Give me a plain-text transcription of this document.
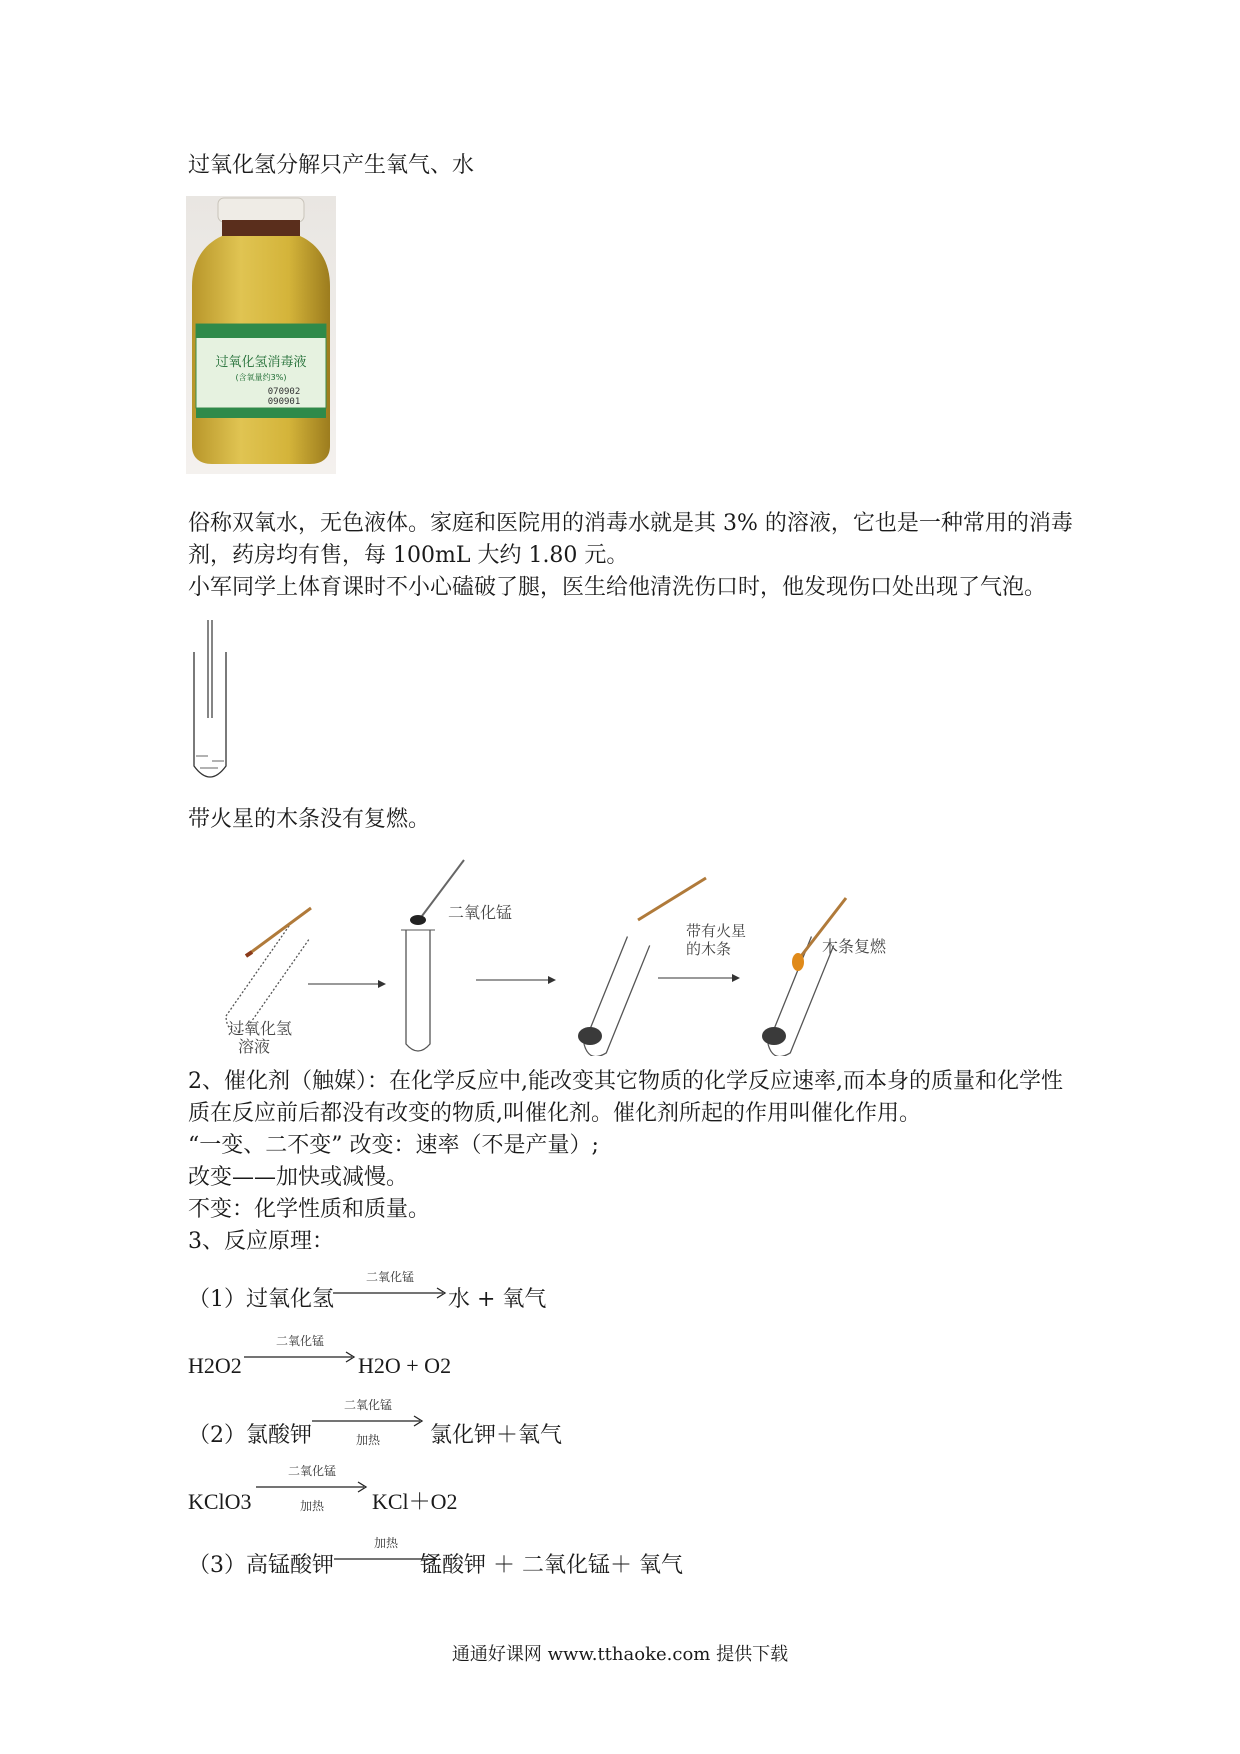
过氧化氢分解只产生氧气、水
过氧化氢消毒液
(含氧量约3%)
070902
090901
俗称双氧水，无色液体。家庭和医院用的消毒水就是其 3% 的溶液，它也是一种常用的消毒
剂，药房均有售，每 100mL 大约 1.80 元。
小军同学上体育课时不小心磕破了腿，医生给他清洗伤口时，他发现伤口处出现了气泡。
带火星的木条没有复燃。
过氧化氢
溶液
二氧化锰
带有火星
的木条	木条复燃
2、催化剂（触媒）：在化学反应中,能改变其它物质的化学反应速率,而本身的质量和化学性
质在反应前后都没有改变的物质,叫催化剂。催化剂所起的作用叫催化作用。
“一变、二不变” 改变：速率（不是产量）;
改变——加快或减慢。
不变：化学性质和质量。
3、反应原理：
（1）过氧化氢
二氧化锰
水 + 氧气
H2O2
二氧化锰
H2O + O2
（2）氯酸钾
二氧化锰
加热	氯化钾＋氧气
KClO3
二氧化锰
加热	KCl＋O2
（3）高锰酸钾
加热
锰酸钾 ＋ 二氧化锰＋ 氧气
通通好课网 www.tthaoke.com 提供下载
